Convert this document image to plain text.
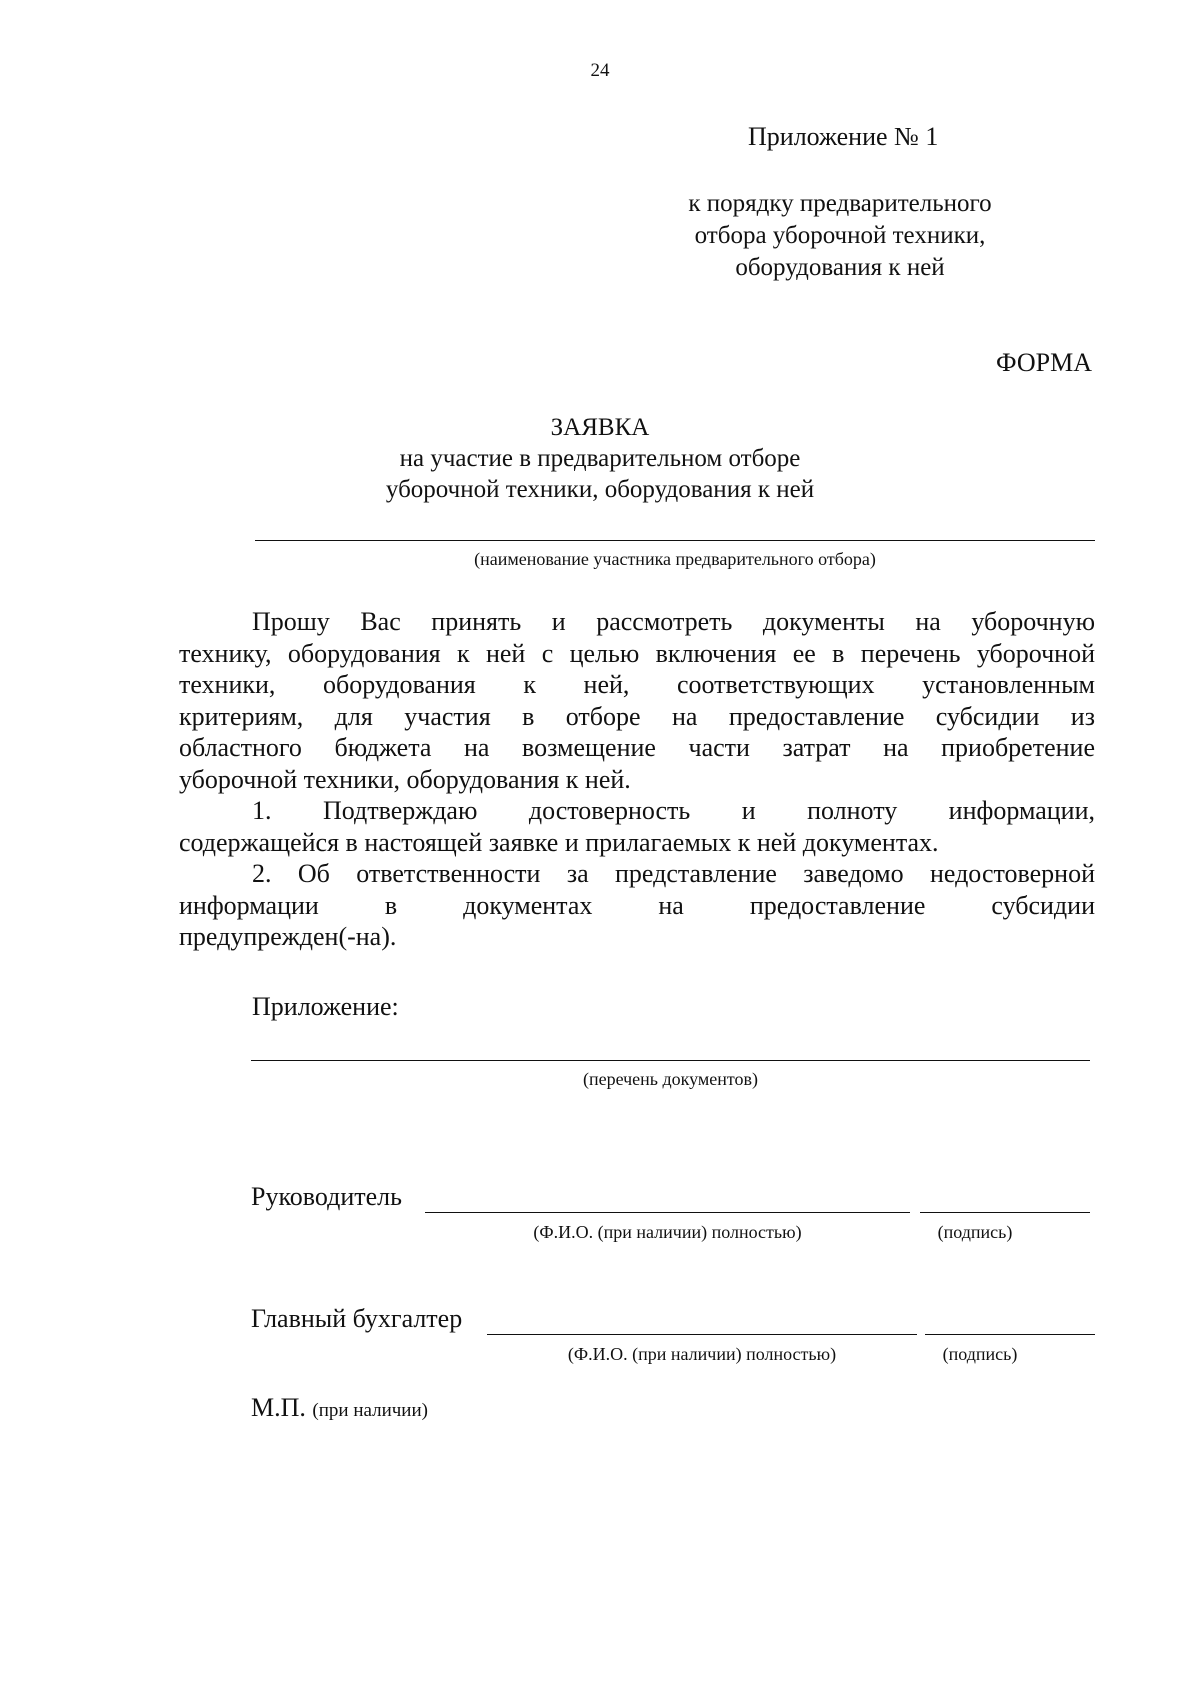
24
Приложение № 1
к порядку предварительного
отбора уборочной техники,
оборудования к ней
ФОРМА
ЗАЯВКА
на участие в предварительном отборе
уборочной техники, оборудования к ней
(наименование участника предварительного отбора)
Прошу Вас принять и рассмотреть документы на уборочную
технику, оборудования к ней с целью включения ее в перечень уборочной
техники, оборудования к ней, соответствующих установленным
критериям, для участия в отборе на предоставление субсидии из
областного бюджета на возмещение части затрат на приобретение
уборочной техники, оборудования к ней.
1. Подтверждаю достоверность и полноту информации,
содержащейся в настоящей заявке и прилагаемых к ней документах.
2. Об ответственности за представление заведомо недостоверной
информации в документах на предоставление субсидии
предупрежден(-на).
Приложение:
(перечень документов)
Руководитель
(Ф.И.О. (при наличии) полностью)	(подпись)
Главный бухгалтер
(Ф.И.О. (при наличии) полностью)	(подпись)
М.П. (при наличии)
